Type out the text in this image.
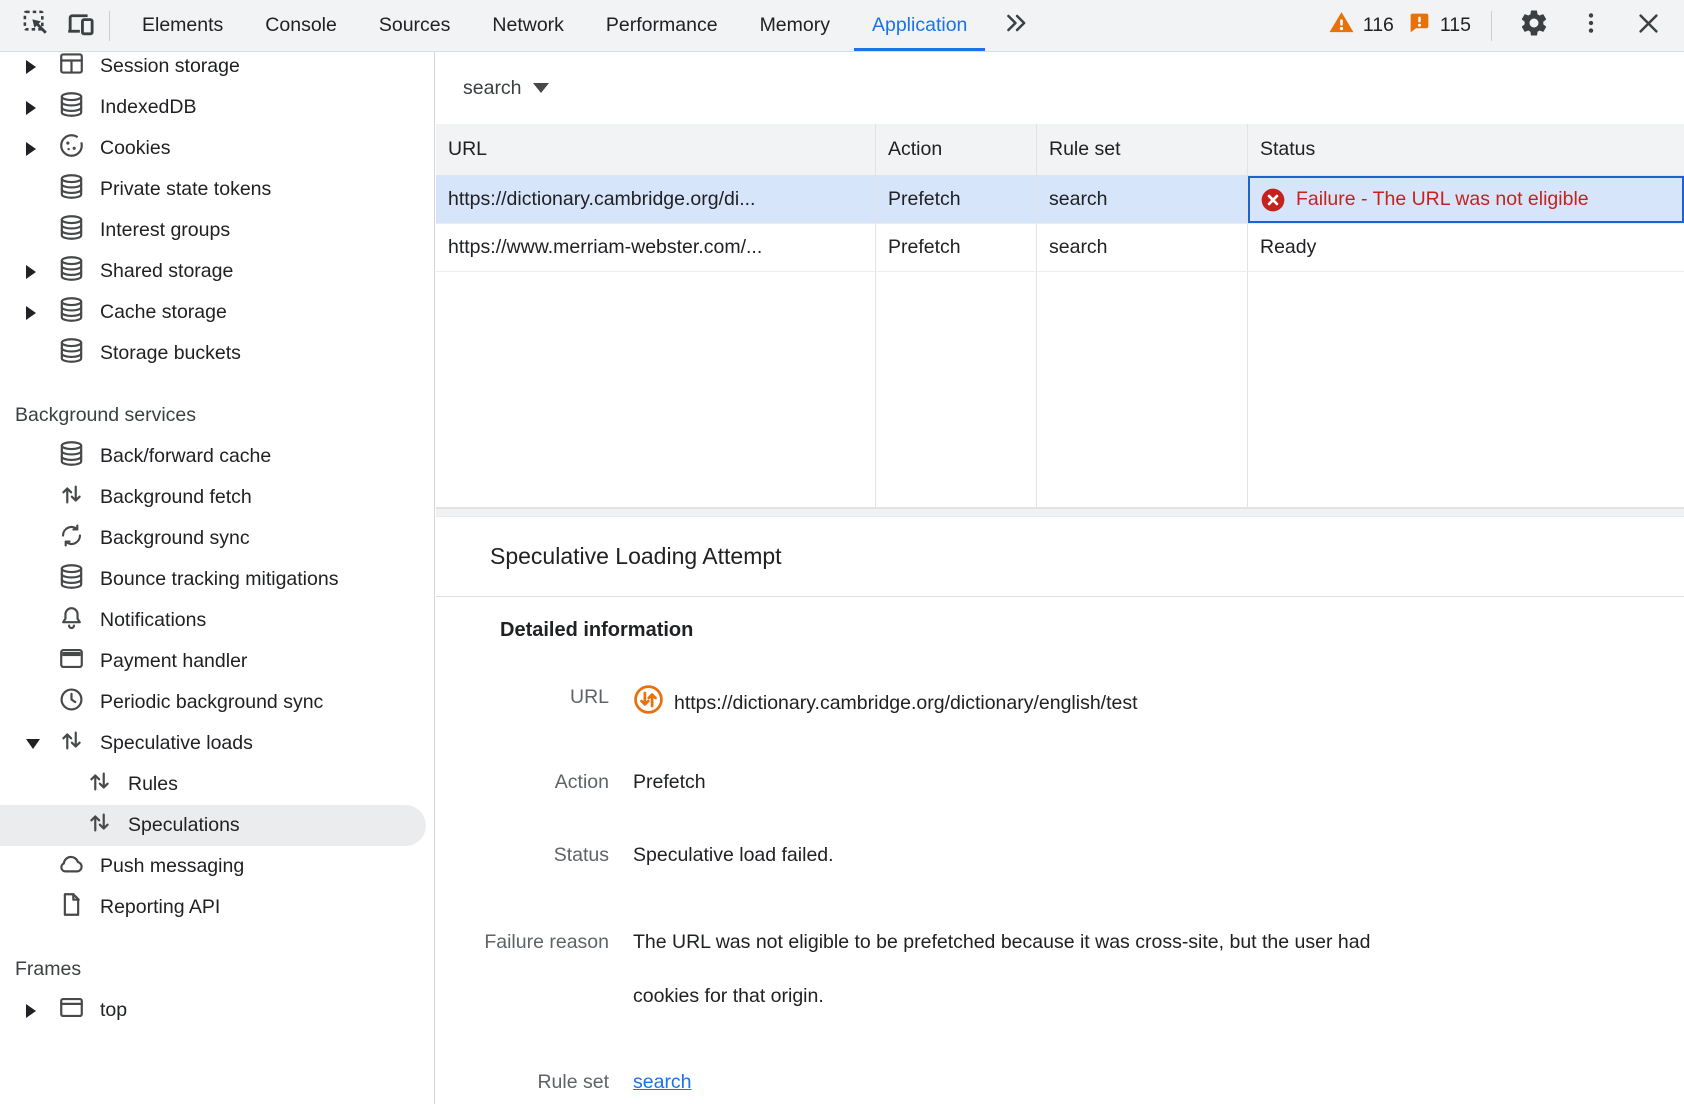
Elements	Console	Sources	Network	Performance	Memory	Application	116 115
Session storage
IndexedDB
Cookies
Private state tokens
Interest groups
Shared storage
Cache storage
Storage buckets
Background services
Back/forward cache
Background fetch
Background sync
Bounce tracking mitigations
Notifications
Payment handler
Periodic background sync
Speculative loads
Rules
Speculations
Push messaging
Reporting API
Frames
top
search
URL	Action	Rule set	Status
https://dictionary.cambridge.org/di...	Prefetch	search	Failure - The URL was not eligible
https://www.merriam-webster.com/...	Prefetch	search	Ready
Speculative Loading Attempt
Detailed information
URL	https://dictionary.cambridge.org/dictionary/english/test
Action Prefetch
Status Speculative load failed.
Failure reason The URL was not eligible to be prefetched because it was cross-site, but the user had cookies for that origin.
Rule set search
